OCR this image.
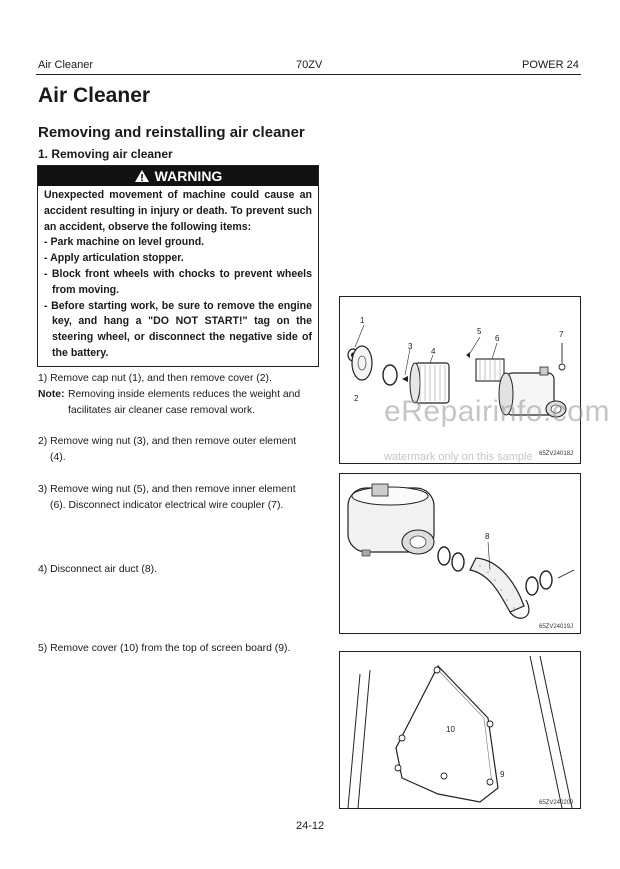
Air Cleaner	70ZV	POWER 24
Air Cleaner
Removing and reinstalling air cleaner
1. Removing air cleaner
WARNING

Unexpected movement of machine could cause an accident resulting in injury or death. To prevent such an accident, observe the following items:

- Park machine on level ground.

- Apply articulation stopper.

- Block front wheels with chocks to prevent wheels from moving.

- Before starting work, be sure to remove the engine key, and hang a "DO NOT START!" tag on the steering wheel, or disconnect the negative side of the battery.

1) Remove cap nut (1), and then remove cover (2).
Note: Removing inside elements reduces the weight and facilitates air cleaner case removal work.
2) Remove wing nut (3), and then remove outer element
(4).
3) Remove wing nut (5), and then remove inner element
(6). Disconnect indicator electrical wire coupler (7).
4) Disconnect air duct (8).
5) Remove cover (10) from the top of screen board (9).
1
2
3
4
5
6	7
65ZV24018J
8
65ZV24019J
10
9
65ZV24020J
eRepairinfo.com
watermark only on this sample
24-12
